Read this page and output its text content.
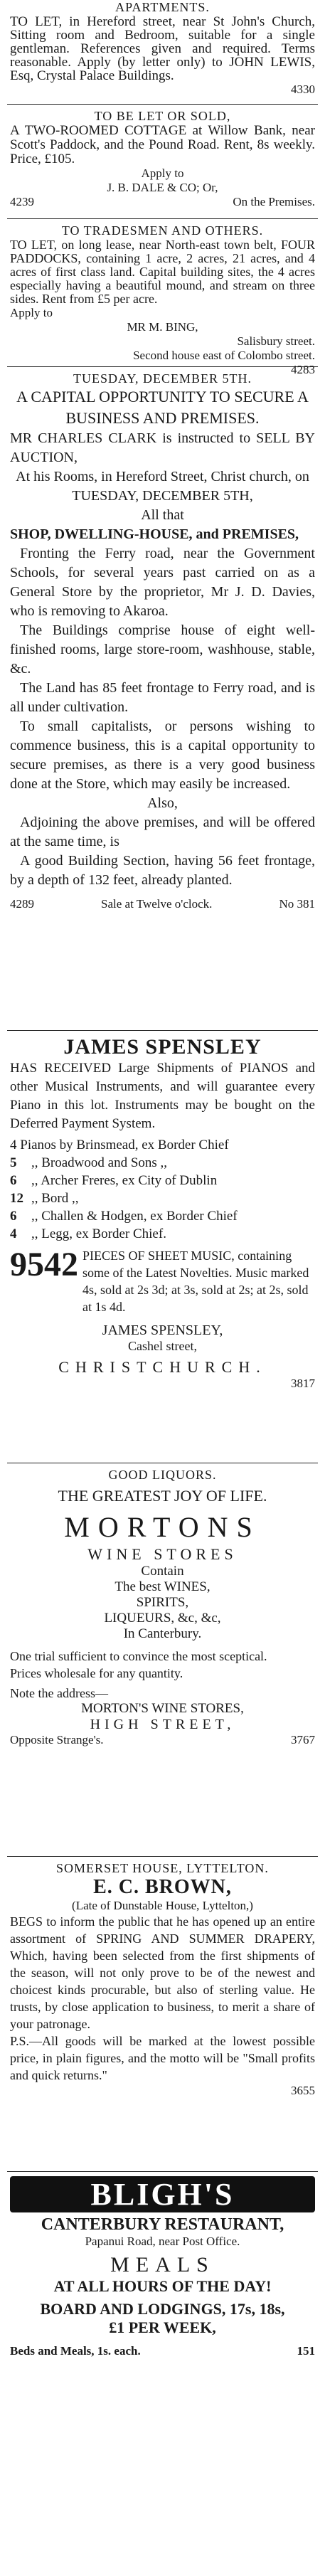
APARTMENTS.
TO LET, in Hereford street, near St John's Church, Sitting room and Bedroom, suitable for a single gentleman. References given and required. Terms reasonable. Apply (by letter only) to JOHN LEWIS, Esq, Crystal Palace Buildings.
4330
TO BE LET OR SOLD,
A TWO-ROOMED COTTAGE at Willow Bank, near Scott's Paddock, and the Pound Road. Rent, 8s weekly. Price, £105.
Apply to
J. B. DALE & CO; Or,
4239	On the Premises.
TO TRADESMEN AND OTHERS.
TO LET, on long lease, near North-east town belt, FOUR PADDOCKS, containing 1 acre, 2 acres, 21 acres, and 4 acres of first class land. Capital building sites, the 4 acres especially having a beautiful mound, and stream on three sides. Rent from £5 per acre.
Apply to
MR M. BING,
Salisbury street.
Second house east of Colombo street.
4283
TUESDAY, DECEMBER 5TH.
A CAPITAL OPPORTUNITY TO SECURE A BUSINESS AND PREMISES.

MR CHARLES CLARK is instructed to SELL BY AUCTION,

At his Rooms, in Hereford Street, Christ church, on

TUESDAY, DECEMBER 5TH,

All that

SHOP, DWELLING-HOUSE, and PREMISES,

Fronting the Ferry road, near the Government Schools, for several years past carried on as a General Store by the proprietor, Mr J. D. Davies, who is removing to Akaroa.

The Buildings comprise house of eight well-finished rooms, large store-room, washhouse, stable, &c.

The Land has 85 feet frontage to Ferry road, and is all under cultivation.

To small capitalists, or persons wishing to commence business, this is a capital opportunity to secure premises, as there is a very good business done at the Store, which may easily be increased.

Also,

Adjoining the above premises, and will be offered at the same time, is

A good Building Section, having 56 feet frontage, by a depth of 132 feet, already planted.

4289	Sale at Twelve o'clock.	No 381
JAMES SPENSLEY
HAS RECEIVED Large Shipments of PIANOS and other Musical Instruments, and will guarantee every Piano in this lot. Instruments may be bought on the Deferred Payment System.
4 Pianos by Brinsmead, ex Border Chief
5	,, Broadwood and Sons ,,
6	,, Archer Freres, ex City of Dublin
12 ,, Bord ,,
6	,, Challen & Hodgen, ex Border Chief
4	,, Legg, ex Border Chief.
9542 PIECES OF SHEET MUSIC, containing some of the Latest Novelties. Music marked 4s, sold at 2s 3d; at 3s, sold at 2s; at 2s, sold at 1s 4d.
JAMES SPENSLEY,
Cashel street,
CHRISTCHURCH.
3817
GOOD LIQUORS.
THE GREATEST JOY OF LIFE.
MORTONS
WINE STORES
Contain
The best WINES,
SPIRITS,
LIQUEURS, &c, &c,
In Canterbury.
One trial sufficient to convince the most sceptical.
Prices wholesale for any quantity.
Note the address—
MORTON'S WINE STORES,
HIGH STREET,
Opposite Strange's.	3767
SOMERSET HOUSE, LYTTELTON.
E. C. BROWN,
(Late of Dunstable House, Lyttelton,)
BEGS to inform the public that he has opened up an entire assortment of SPRING AND SUMMER DRAPERY, Which, having been selected from the first shipments of the season, will not only prove to be of the newest and choicest kinds procurable, but also of sterling value. He trusts, by close application to business, to merit a share of your patronage.
P.S.—All goods will be marked at the lowest possible price, in plain figures, and the motto will be "Small profits and quick returns."
3655
BLIGH'S
CANTERBURY RESTAURANT,
Papanui Road, near Post Office.
MEALS
AT ALL HOURS OF THE DAY!
BOARD AND LODGINGS, 17s, 18s,
£1 PER WEEK,
Beds and Meals, 1s. each.	151
